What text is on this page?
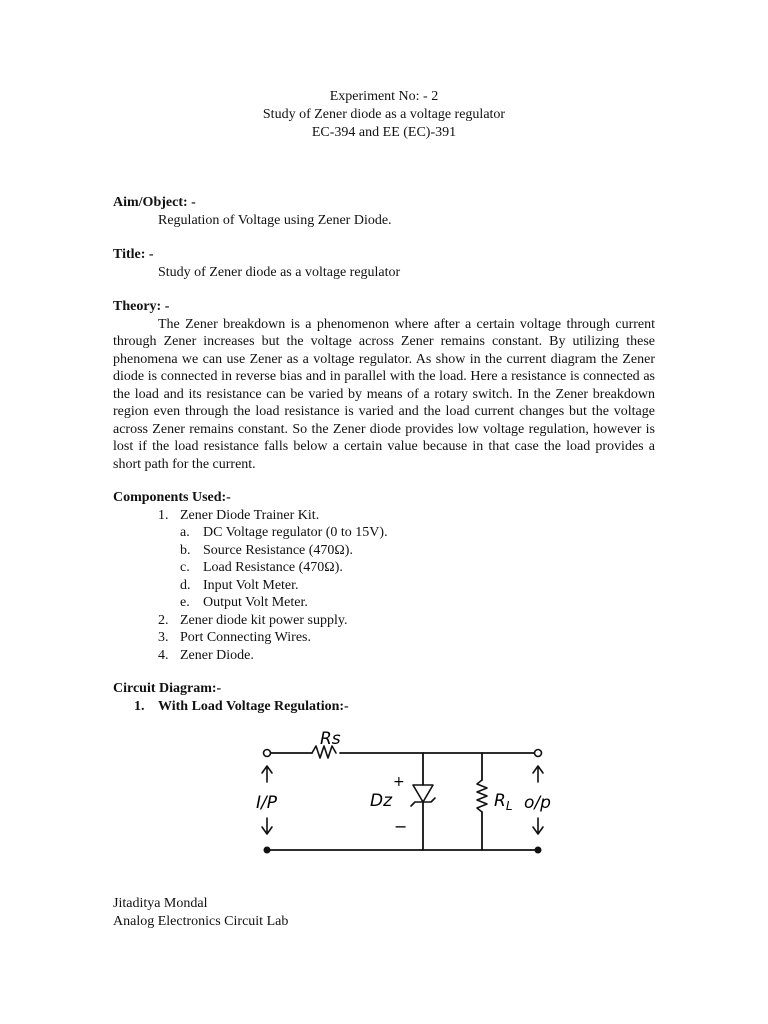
Experiment No: - 2
Study of Zener diode as a voltage regulator
EC-394 and EE (EC)-391
Aim/Object: -
Regulation of Voltage using Zener Diode.
Title: -
Study of Zener diode as a voltage regulator
Theory: -

The Zener breakdown is a phenomenon where after a certain voltage through current through Zener increases but the voltage across Zener remains constant. By utilizing these phenomena we can use Zener as a voltage regulator. As show in the current diagram the Zener diode is connected in reverse bias and in parallel with the load. Here a resistance is connected as the load and its resistance can be varied by means of a rotary switch. In the Zener breakdown region even through the load resistance is varied and the load current changes but the voltage across Zener remains constant. So the Zener diode provides low voltage regulation, however is lost if the load resistance falls below a certain value because in that case the load provides a short path for the current.

Components Used:-
1. Zener Diode Trainer Kit.
a. DC Voltage regulator (0 to 15V).
b. Source Resistance (470Ω).
c. Load Resistance (470Ω).
d. Input Volt Meter.
e. Output Volt Meter.
2. Zener diode kit power supply.
3. Port Connecting Wires.
4. Zener Diode.
Circuit Diagram:-
1. With Load Voltage Regulation:-
Rs
I/P
+
−
Dz	$R_L$ o/p
Jitaditya Mondal
Analog Electronics Circuit Lab
